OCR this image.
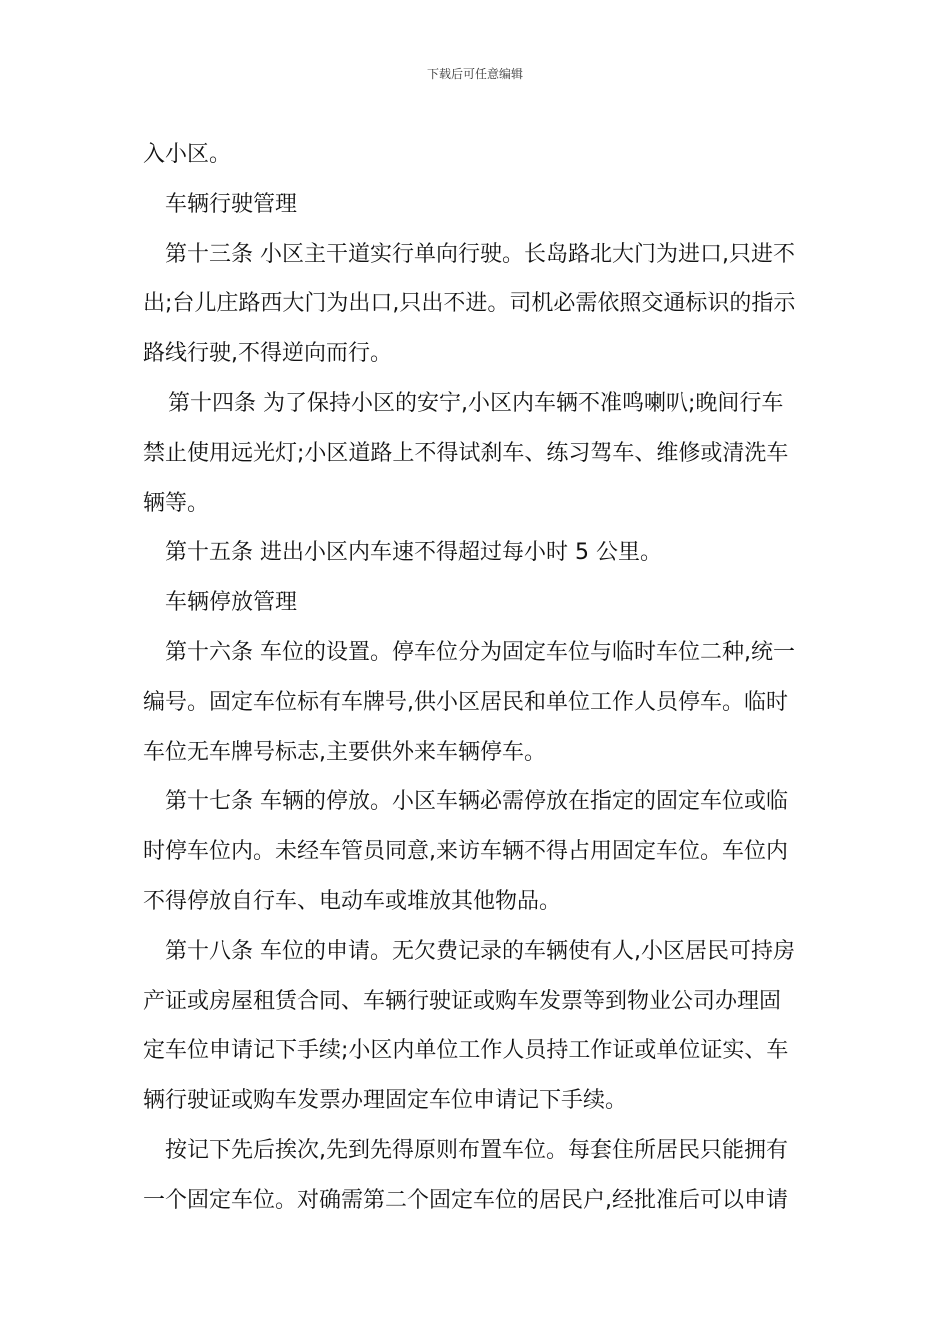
下载后可任意编辑
入小区。
车辆行驶管理
第十三条 小区主干道实行单向行驶。长岛路北大门为进口,只进不
出;台儿庄路西大门为出口,只出不进。司机必需依照交通标识的指示
路线行驶,不得逆向而行。
第十四条 为了保持小区的安宁,小区内车辆不准鸣喇叭;晚间行车
禁止使用远光灯;小区道路上不得试刹车、练习驾车、维修或清洗车
辆等。
第十五条 进出小区内车速不得超过每小时 5 公里。
车辆停放管理
第十六条 车位的设置。停车位分为固定车位与临时车位二种,统一
编号。固定车位标有车牌号,供小区居民和单位工作人员停车。临时
车位无车牌号标志,主要供外来车辆停车。
第十七条 车辆的停放。小区车辆必需停放在指定的固定车位或临
时停车位内。未经车管员同意,来访车辆不得占用固定车位。车位内
不得停放自行车、电动车或堆放其他物品。
第十八条 车位的申请。无欠费记录的车辆使有人,小区居民可持房
产证或房屋租赁合同、车辆行驶证或购车发票等到物业公司办理固
定车位申请记下手续;小区内单位工作人员持工作证或单位证实、车
辆行驶证或购车发票办理固定车位申请记下手续。
按记下先后挨次,先到先得原则布置车位。每套住所居民只能拥有
一个固定车位。对确需第二个固定车位的居民户,经批准后可以申请
